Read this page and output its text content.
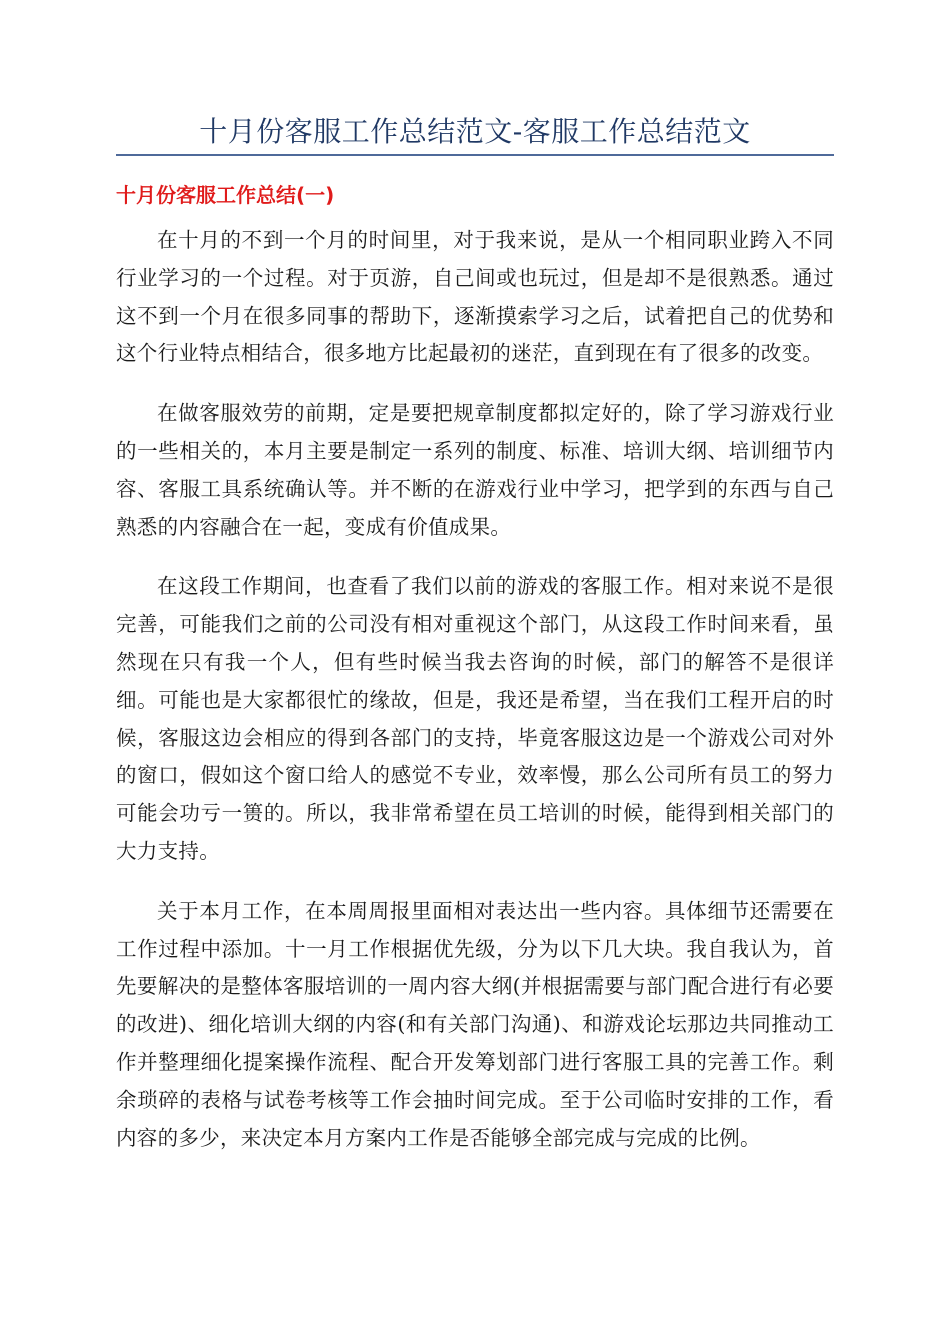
十月份客服工作总结范文-客服工作总结范文
十月份客服工作总结(一)

在十月的不到一个月的时间里，对于我来说，是从一个相同职业跨入不同行业学习的一个过程。对于页游，自己间或也玩过，但是却不是很熟悉。通过这不到一个月在很多同事的帮助下，逐渐摸索学习之后，试着把自己的优势和这个行业特点相结合，很多地方比起最初的迷茫，直到现在有了很多的改变。

在做客服效劳的前期，定是要把规章制度都拟定好的，除了学习游戏行业的一些相关的，本月主要是制定一系列的制度、标准、培训大纲、培训细节内容、客服工具系统确认等。并不断的在游戏行业中学习，把学到的东西与自己熟悉的内容融合在一起，变成有价值成果。

在这段工作期间，也查看了我们以前的游戏的客服工作。相对来说不是很完善，可能我们之前的公司没有相对重视这个部门，从这段工作时间来看，虽然现在只有我一个人，但有些时候当我去咨询的时候，部门的解答不是很详细。可能也是大家都很忙的缘故，但是，我还是希望，当在我们工程开启的时候，客服这边会相应的得到各部门的支持，毕竟客服这边是一个游戏公司对外的窗口，假如这个窗口给人的感觉不专业，效率慢，那么公司所有员工的努力可能会功亏一篑的。所以，我非常希望在员工培训的时候，能得到相关部门的大力支持。

关于本月工作，在本周周报里面相对表达出一些内容。具体细节还需要在工作过程中添加。十一月工作根据优先级，分为以下几大块。我自我认为，首先要解决的是整体客服培训的一周内容大纲(并根据需要与部门配合进行有必要的改进)、细化培训大纲的内容(和有关部门沟通)、和游戏论坛那边共同推动工作并整理细化提案操作流程、配合开发筹划部门进行客服工具的完善工作。剩余琐碎的表格与试卷考核等工作会抽时间完成。至于公司临时安排的工作，看内容的多少，来决定本月方案内工作是否能够全部完成与完成的比例。
